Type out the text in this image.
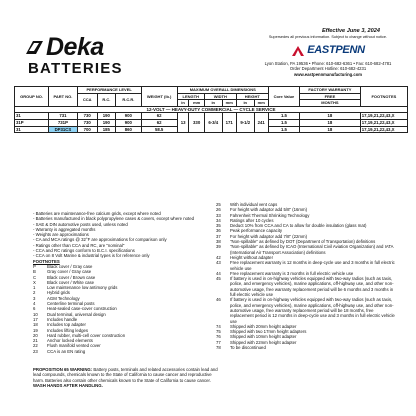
Deka
BATTERIES
Effective June 3, 2024
Supersedes all previous information. Subject to change without notice.
EASTPENN
Lyon Station, PA 19536 • Phone: 610-682-6361 • Fax: 610-682-4781
Order Department Hotline: 610-682-4231
www.eastpennmanufacturing.com
GROUP NO.	PART NO.	PERFORMANCE LEVEL			WEIGHT (lb.)	MAXIMUM OVERALL DIMENSIONS						Core Value	FACTORY WARRANTY	FOOTNOTES
		CCA	R.C.	R.C.R.		LENGTH		WIDTH		HEIGHT			FREE	
						in	mm	in	mm	in	mm		MONTHS	
12-VOLT — HEAVY-DUTY COMMERCIAL — CYCLE SERVICE														
31	731	730	190	900	62	13	330	6-3/4	171	9-1/2	241	1.5	18	17,19,21,22,43,X
31P	731P	730	190	900	62							1.5	18	17,19,21,22,43,X
31	DP31CS	700	185	860	58.5							1.5	18	17,19,21,22,43,X
- Batteries are maintenance-free calcium grids, except where noted
- Batteries manufactured in black polypropylene cases & covers, except where noted
- SAE & DIN automotive posts used, unless noted
- Warranty is aggregated months
- Weights are approximations
- CA and MCA ratings @ 32°F are approximations for comparison only
- Ratings other than CCA and RC, are "nominal"
- CCA and RC ratings conform to B.C.I. specifications
- CCA on 8 Volt Marine & industrial types is for reference only
FOOTNOTES
P	Black cover / Gray case
B	Gray cover / Gray case
C	Black cover / Brown case
X	Black cover / White case
1	Low maintenance low antimony grids
2	Hybrid grids
3	AGM Technology
4	Centerline terminal posts
6	Heat-sealed case-cover construction
10	Dual terminal, universal design
17	Includes handle
18	Includes top adapter
19	Includes lifting ledges
20	Hard rubber, multi-cell cover construction
21	Anchor locked elements
22	Flush manifold vented cover
23	CCA is an EN rating
25	With individual vent caps
26	For height with adaptor add 5/8" (16mm)
33	Fahrenheit Thermal Shrinking Technology
34	Ratings after 10 cycles
35	Deduct 10% from CCA and CA to allow for double insulation (glass mat)
36	Peak performance capacity
37	For height with adaptor add 7/8" (22mm)
38	"Non-spillable" as defined by DOT (Department of Transportation) definitions
39	"Non-spillable" as defined by ICAO (International Civil Aviation Organization) and IATA (International Air Transport Association) definitions
42	Height without adapter
43	Free replacement warranty is 12 months in deep-cycle use and 3 months in full electric vehicle use
44	Free replacement warranty is 3 months in full electric vehicle use
45	If battery is used in on-highway vehicles equipped with two-way radios (such as taxis, police, and emergency vehicles), marine applications, off-highway use, and other non-automotive usage, free warranty replacement period will be 6 months and 3 months in full electric vehicle use
46	If battery is used in on-highway vehicles equipped with two-way radios (such as taxis, police, and emergency vehicles), marine applications, off-highway use, and other non-automotive usage, free warranty replacement period will be 18 months, free replacement period is 12 months in deep-cycle use and 3 months in full electric vehicle use
74	Shipped with 20mm height adapter
75	Shipped with two 17mm height adapters
76	Shipped with 10mm height adapter
77	Shipped with 22mm height adapter
78	To be discontinued
PROPOSITION 65 WARNING: Battery posts, terminals and related accessories contain lead and lead compounds, chemicals known to the State of California to cause cancer and reproductive harm. Batteries also contain other chemicals known to the State of California to cause cancer.
WASH HANDS AFTER HANDLING.
